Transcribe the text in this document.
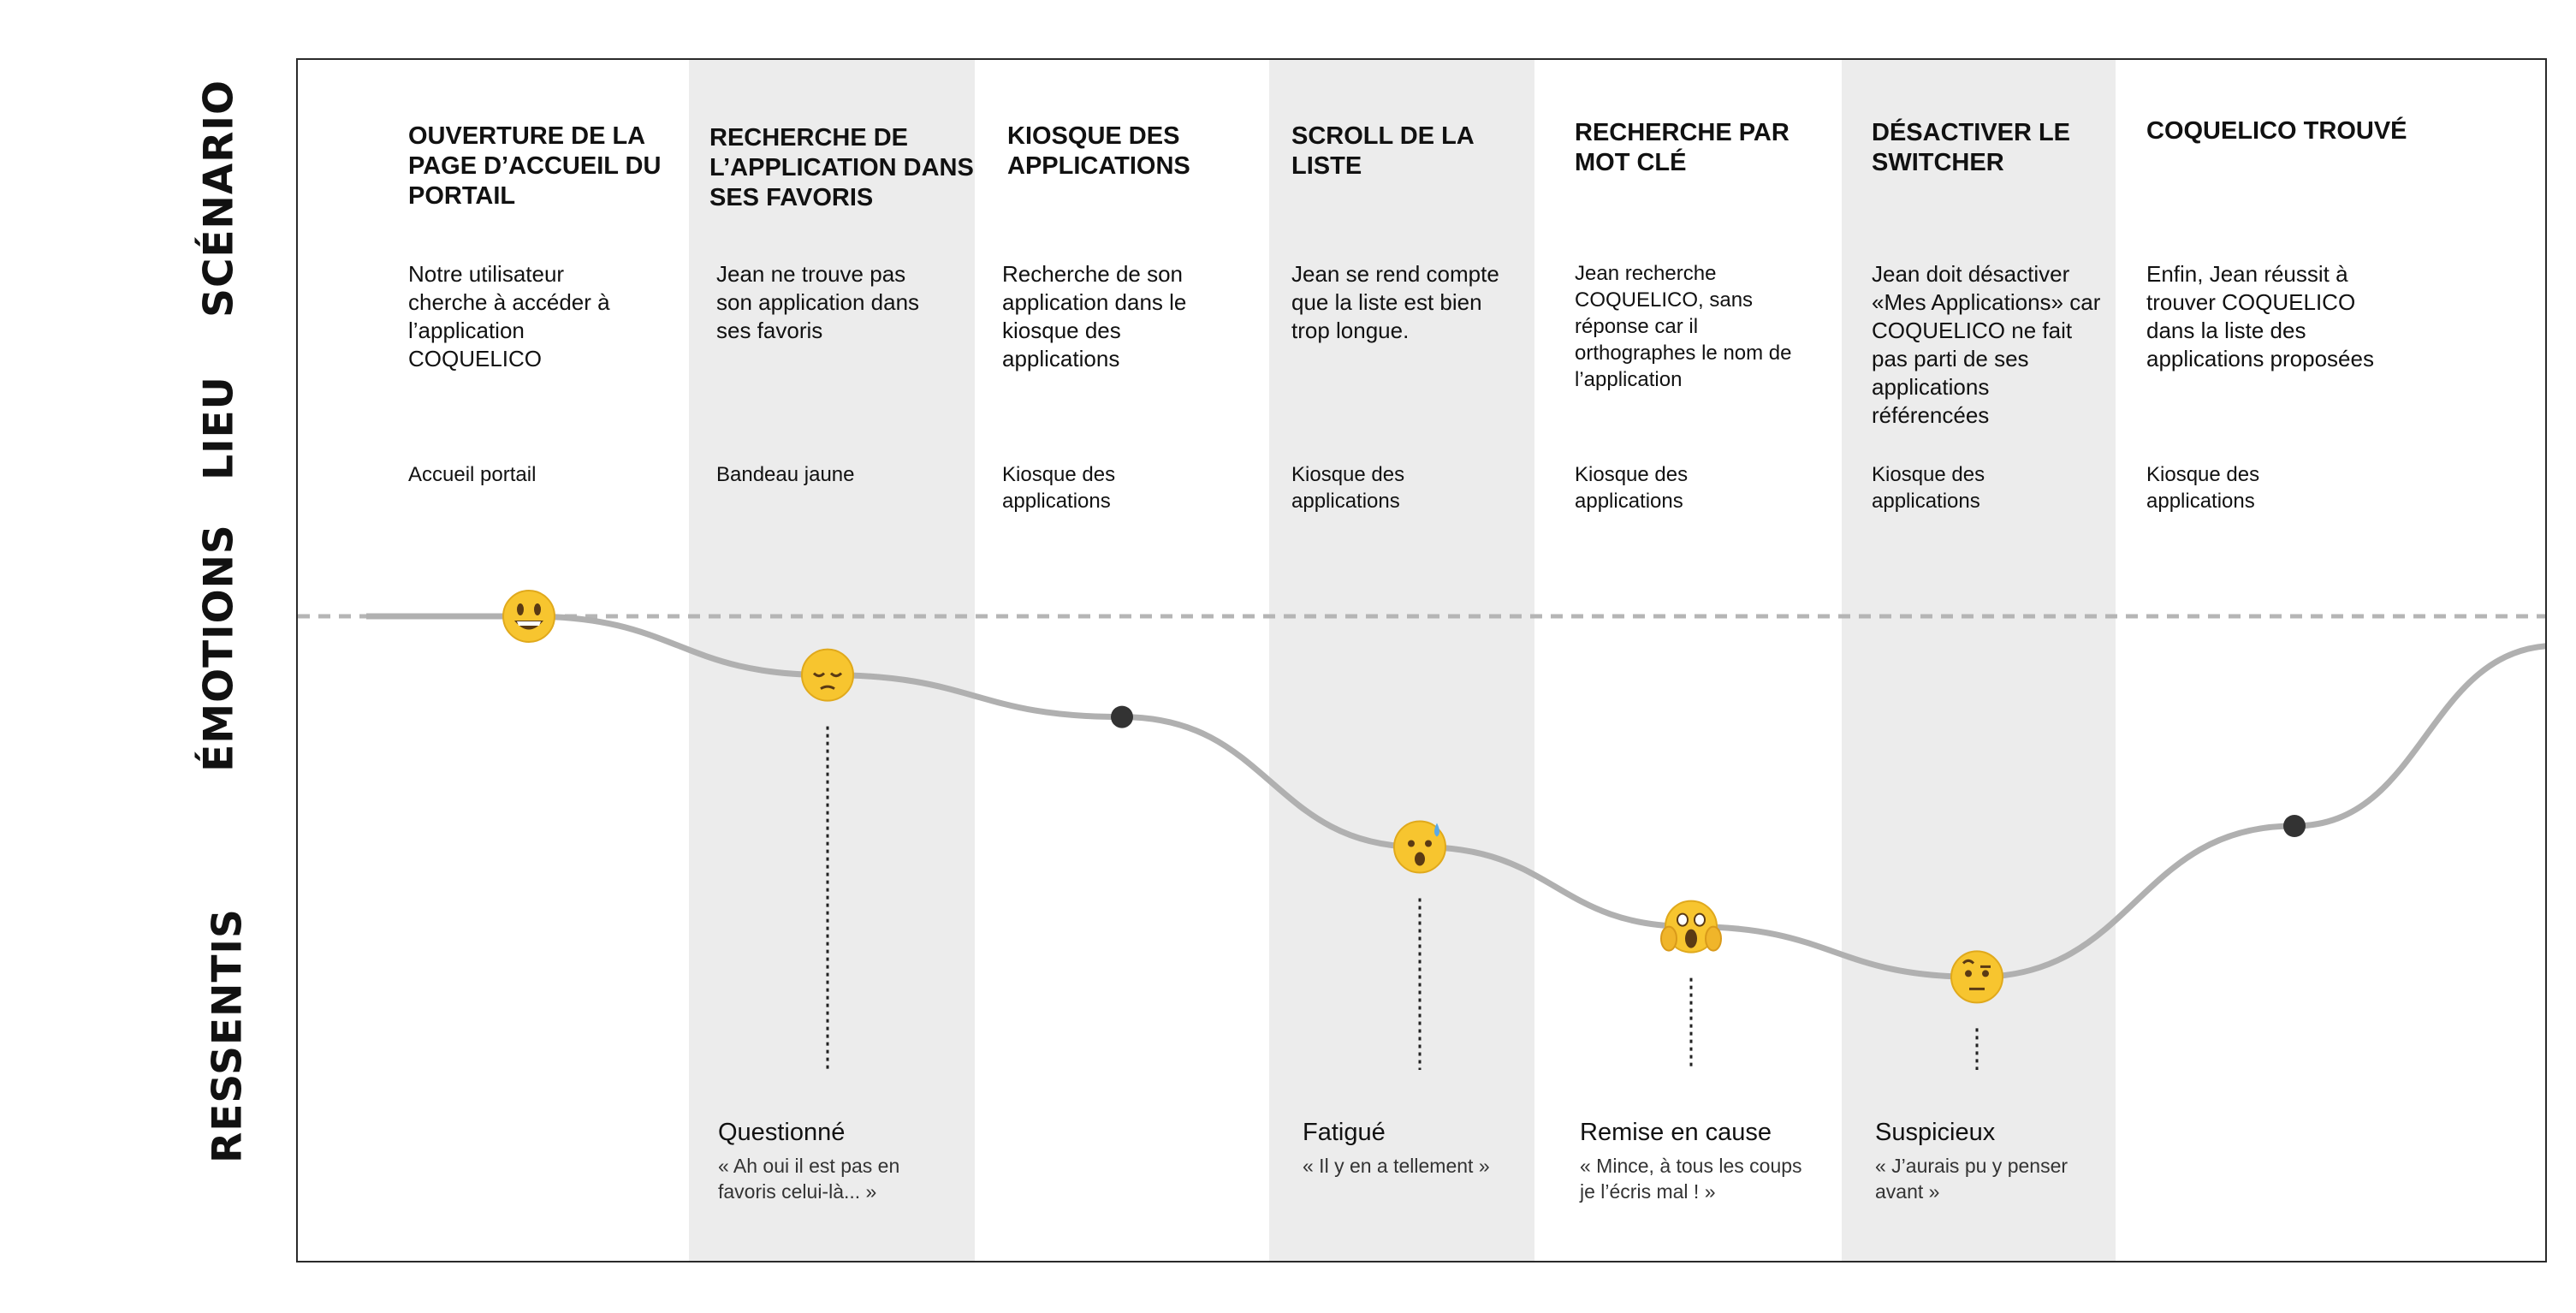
SCÉNARIO
LIEU
ÉMOTIONS
RESSENTIS
OUVERTURE DE LA PAGE D’ACCUEIL DU PORTAIL
Notre utilisateur cherche à accéder à l’application COQUELICO
Accueil portail
RECHERCHE DE L’APPLICATION DANS SES FAVORIS
Jean ne trouve pas son application dans ses favoris
Bandeau jaune
KIOSQUE DES APPLICATIONS
Recherche de son application dans le kiosque des applications
Kiosque des applications
SCROLL DE LA LISTE
Jean se rend compte que la liste est bien trop longue.
Kiosque des applications
RECHERCHE PAR MOT CLÉ
Jean recherche COQUELICO, sans réponse car il orthographes le nom de l’application
Kiosque des applications
DÉSACTIVER LE SWITCHER
Jean doit désactiver «Mes Applications» car COQUELICO ne fait pas parti de ses applications référencées
Kiosque des applications
COQUELICO TROUVÉ
Enfin, Jean réussit à trouver COQUELICO dans la liste des applications proposées
Kiosque des applications
Questionné
« Ah oui il est pas en favoris celui-là... »
Fatigué
« Il y en a tellement »
Remise en cause
« Mince, à tous les coups je l’écris mal ! »
Suspicieux
« J’aurais pu y penser avant »
